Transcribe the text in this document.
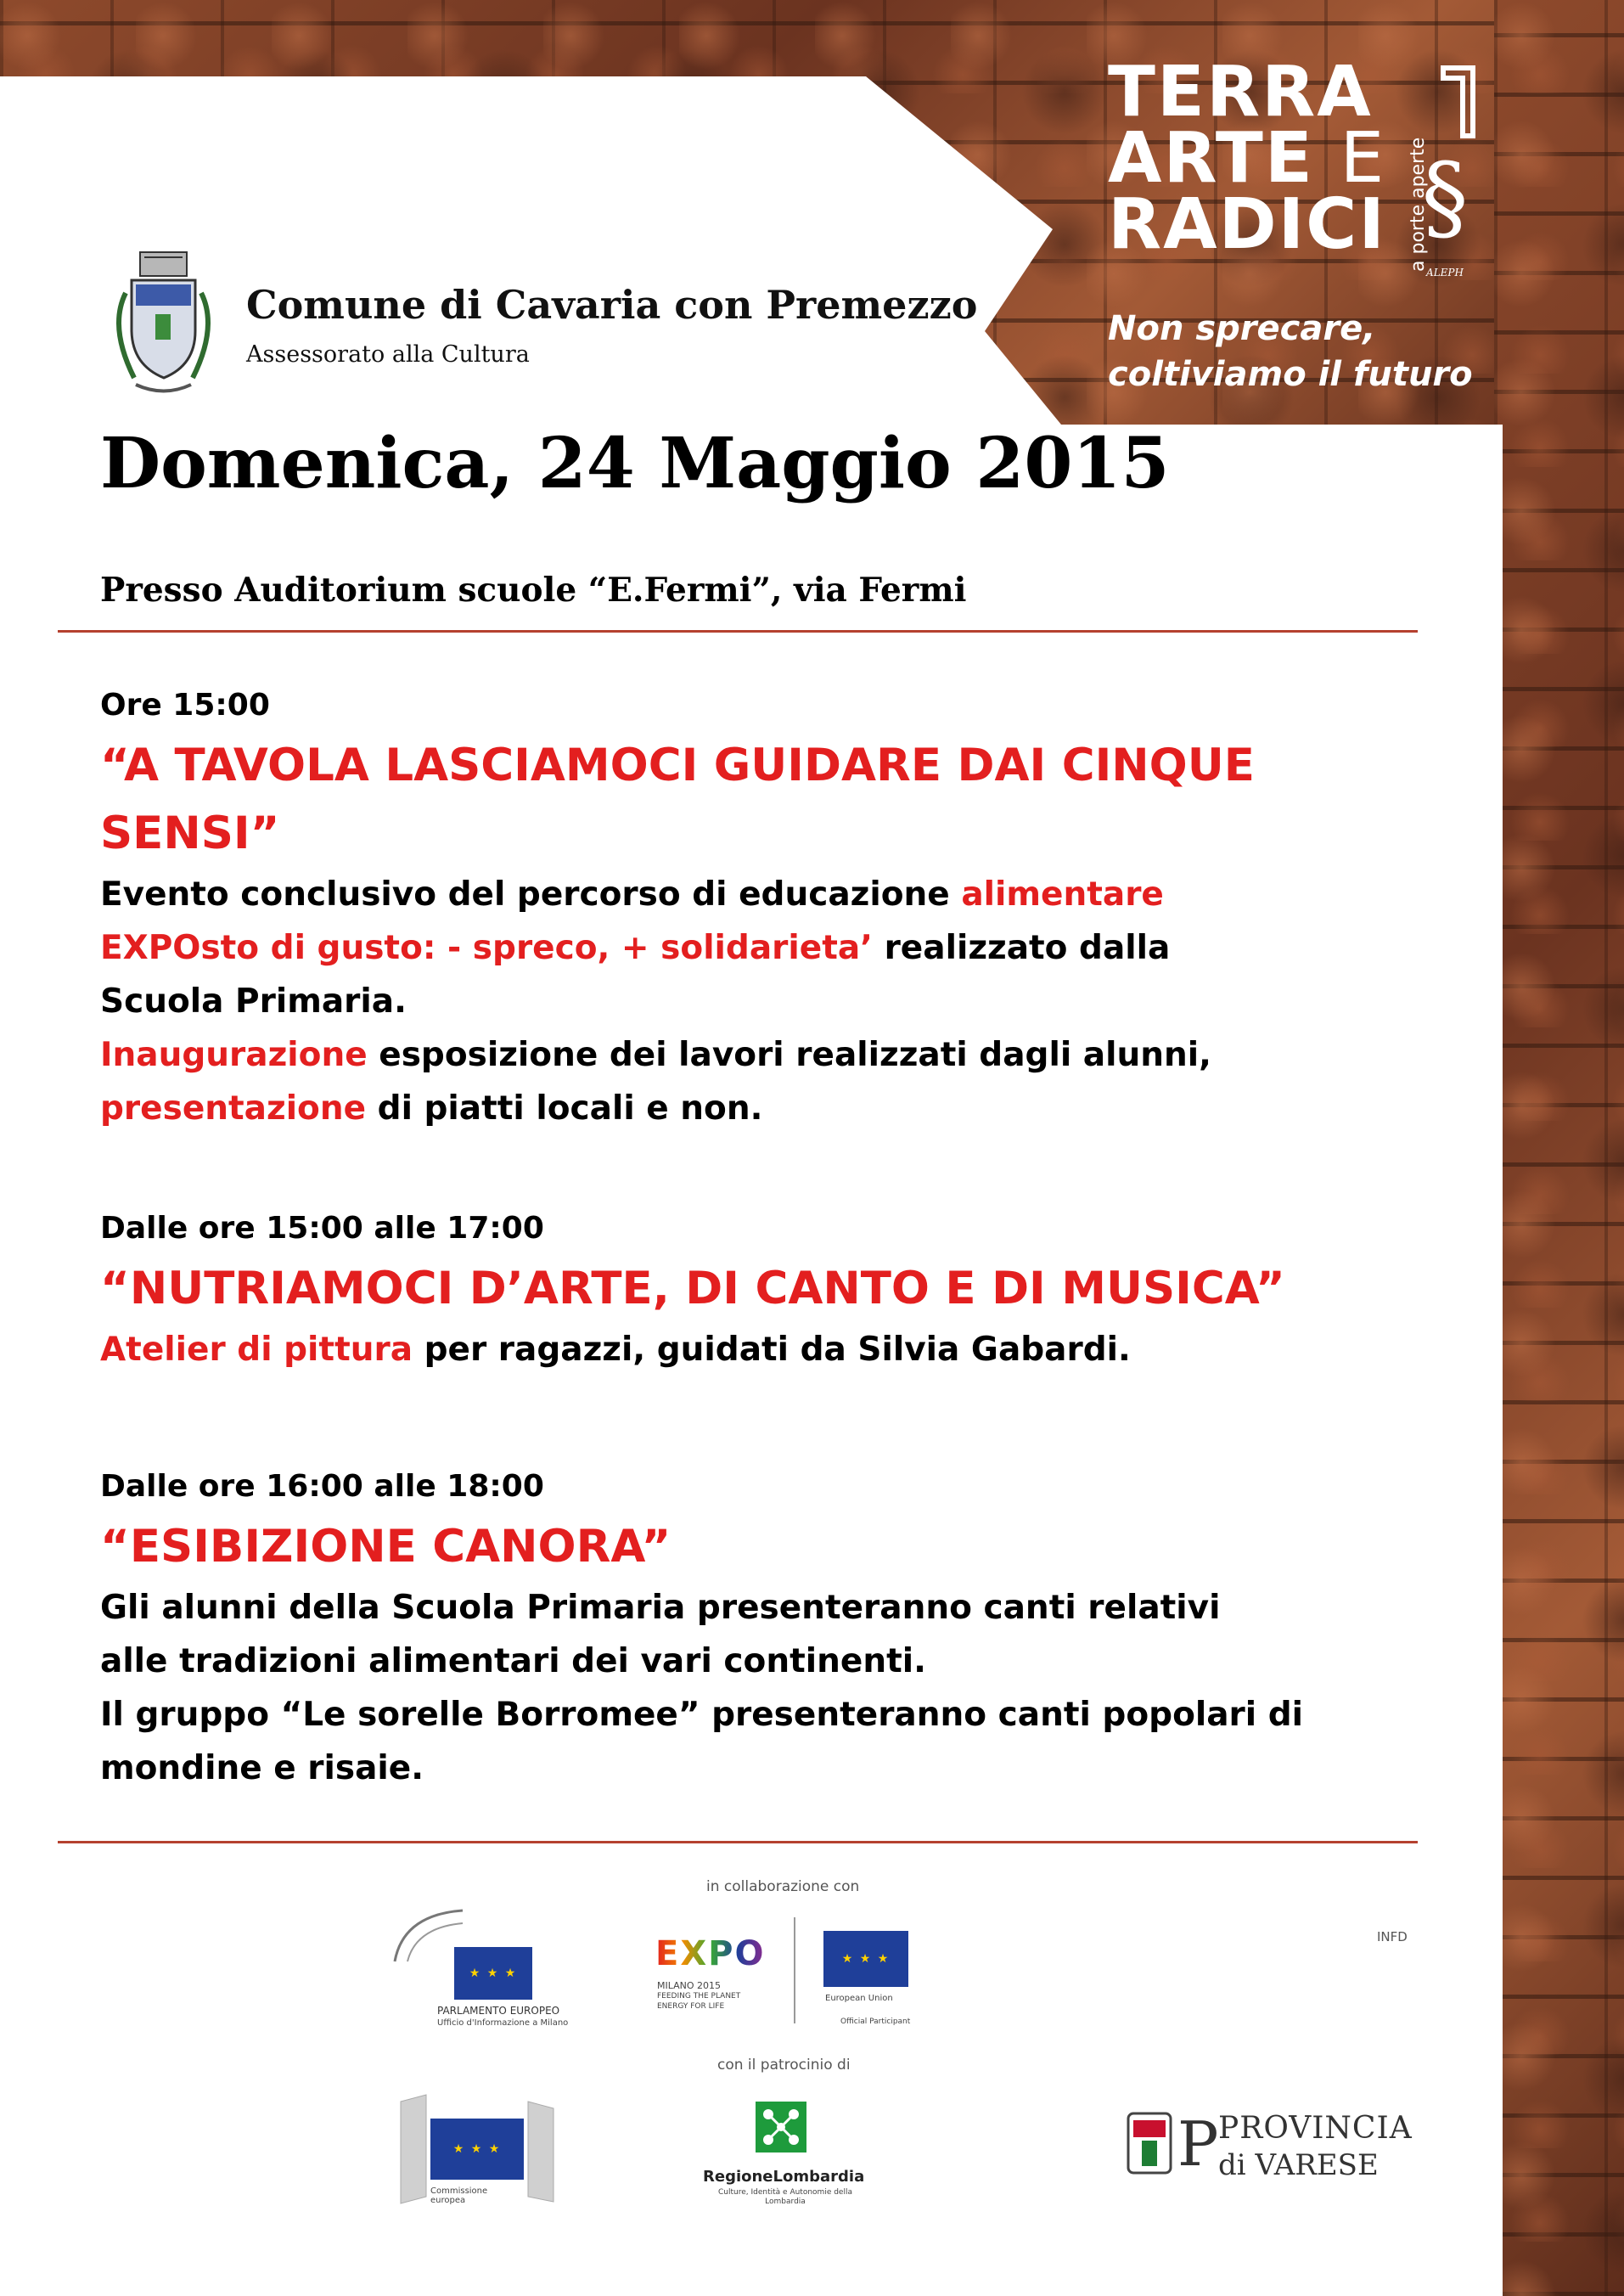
TERRA
ARTE E
RADICI a porte aperte
§
ALEPH
Non sprecare,
coltiviamo il futuro
Comune di Cavaria con Premezzo
Assessorato alla Cultura
Domenica, 24 Maggio 2015
Presso Auditorium scuole “E.Fermi”, via Fermi
Ore 15:00
“A TAVOLA LASCIAMOCI GUIDARE DAI CINQUE SENSI”
Evento conclusivo del percorso di educazione alimentare
EXPOsto di gusto: - spreco, + solidarieta’ realizzato dalla
Scuola Primaria.
Inaugurazione esposizione dei lavori realizzati dagli alunni,
presentazione di piatti locali e non.
Dalle ore 15:00 alle 17:00
“NUTRIAMOCI D’ARTE, DI CANTO E DI MUSICA”
Atelier di pittura per ragazzi, guidati da Silvia Gabardi.
Dalle ore 16:00 alle 18:00
“ESIBIZIONE CANORA”
Gli alunni della Scuola Primaria presenteranno canti relativi
alle tradizioni alimentari dei vari continenti.
Il gruppo “Le sorelle Borromee” presenteranno canti popolari di
mondine e risaie.
in collaborazione con
INFD
★ ★ ★
PARLAMENTO EUROPEO
Ufficio d'Informazione a Milano
EXPO
MILANO 2015
FEEDING THE PLANET
ENERGY FOR LIFE
★ ★ ★
European Union
Official Participant
con il patrocinio di
★ ★ ★
Commissione europea
RegioneLombardia
Culture, Identità e Autonomie della Lombardia
P PROVINCIA
di VARESE
